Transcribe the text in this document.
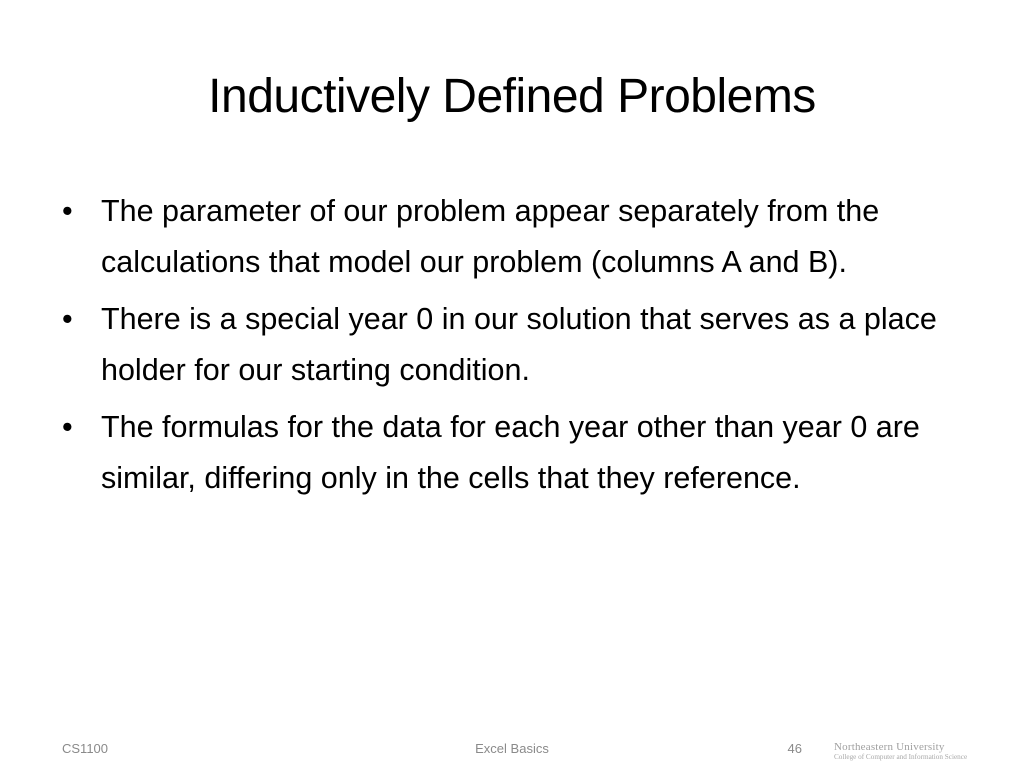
Inductively Defined Problems
• The parameter of our problem appear separately from the calculations that model our problem (columns A and B).
• There is a special year 0 in our solution that serves as a place holder for our starting condition.
• The formulas for the data for each year other than year 0 are similar, differing only in the cells that they reference.
CS1100	Excel Basics	46	Northeastern University
College of Computer and Information Science
